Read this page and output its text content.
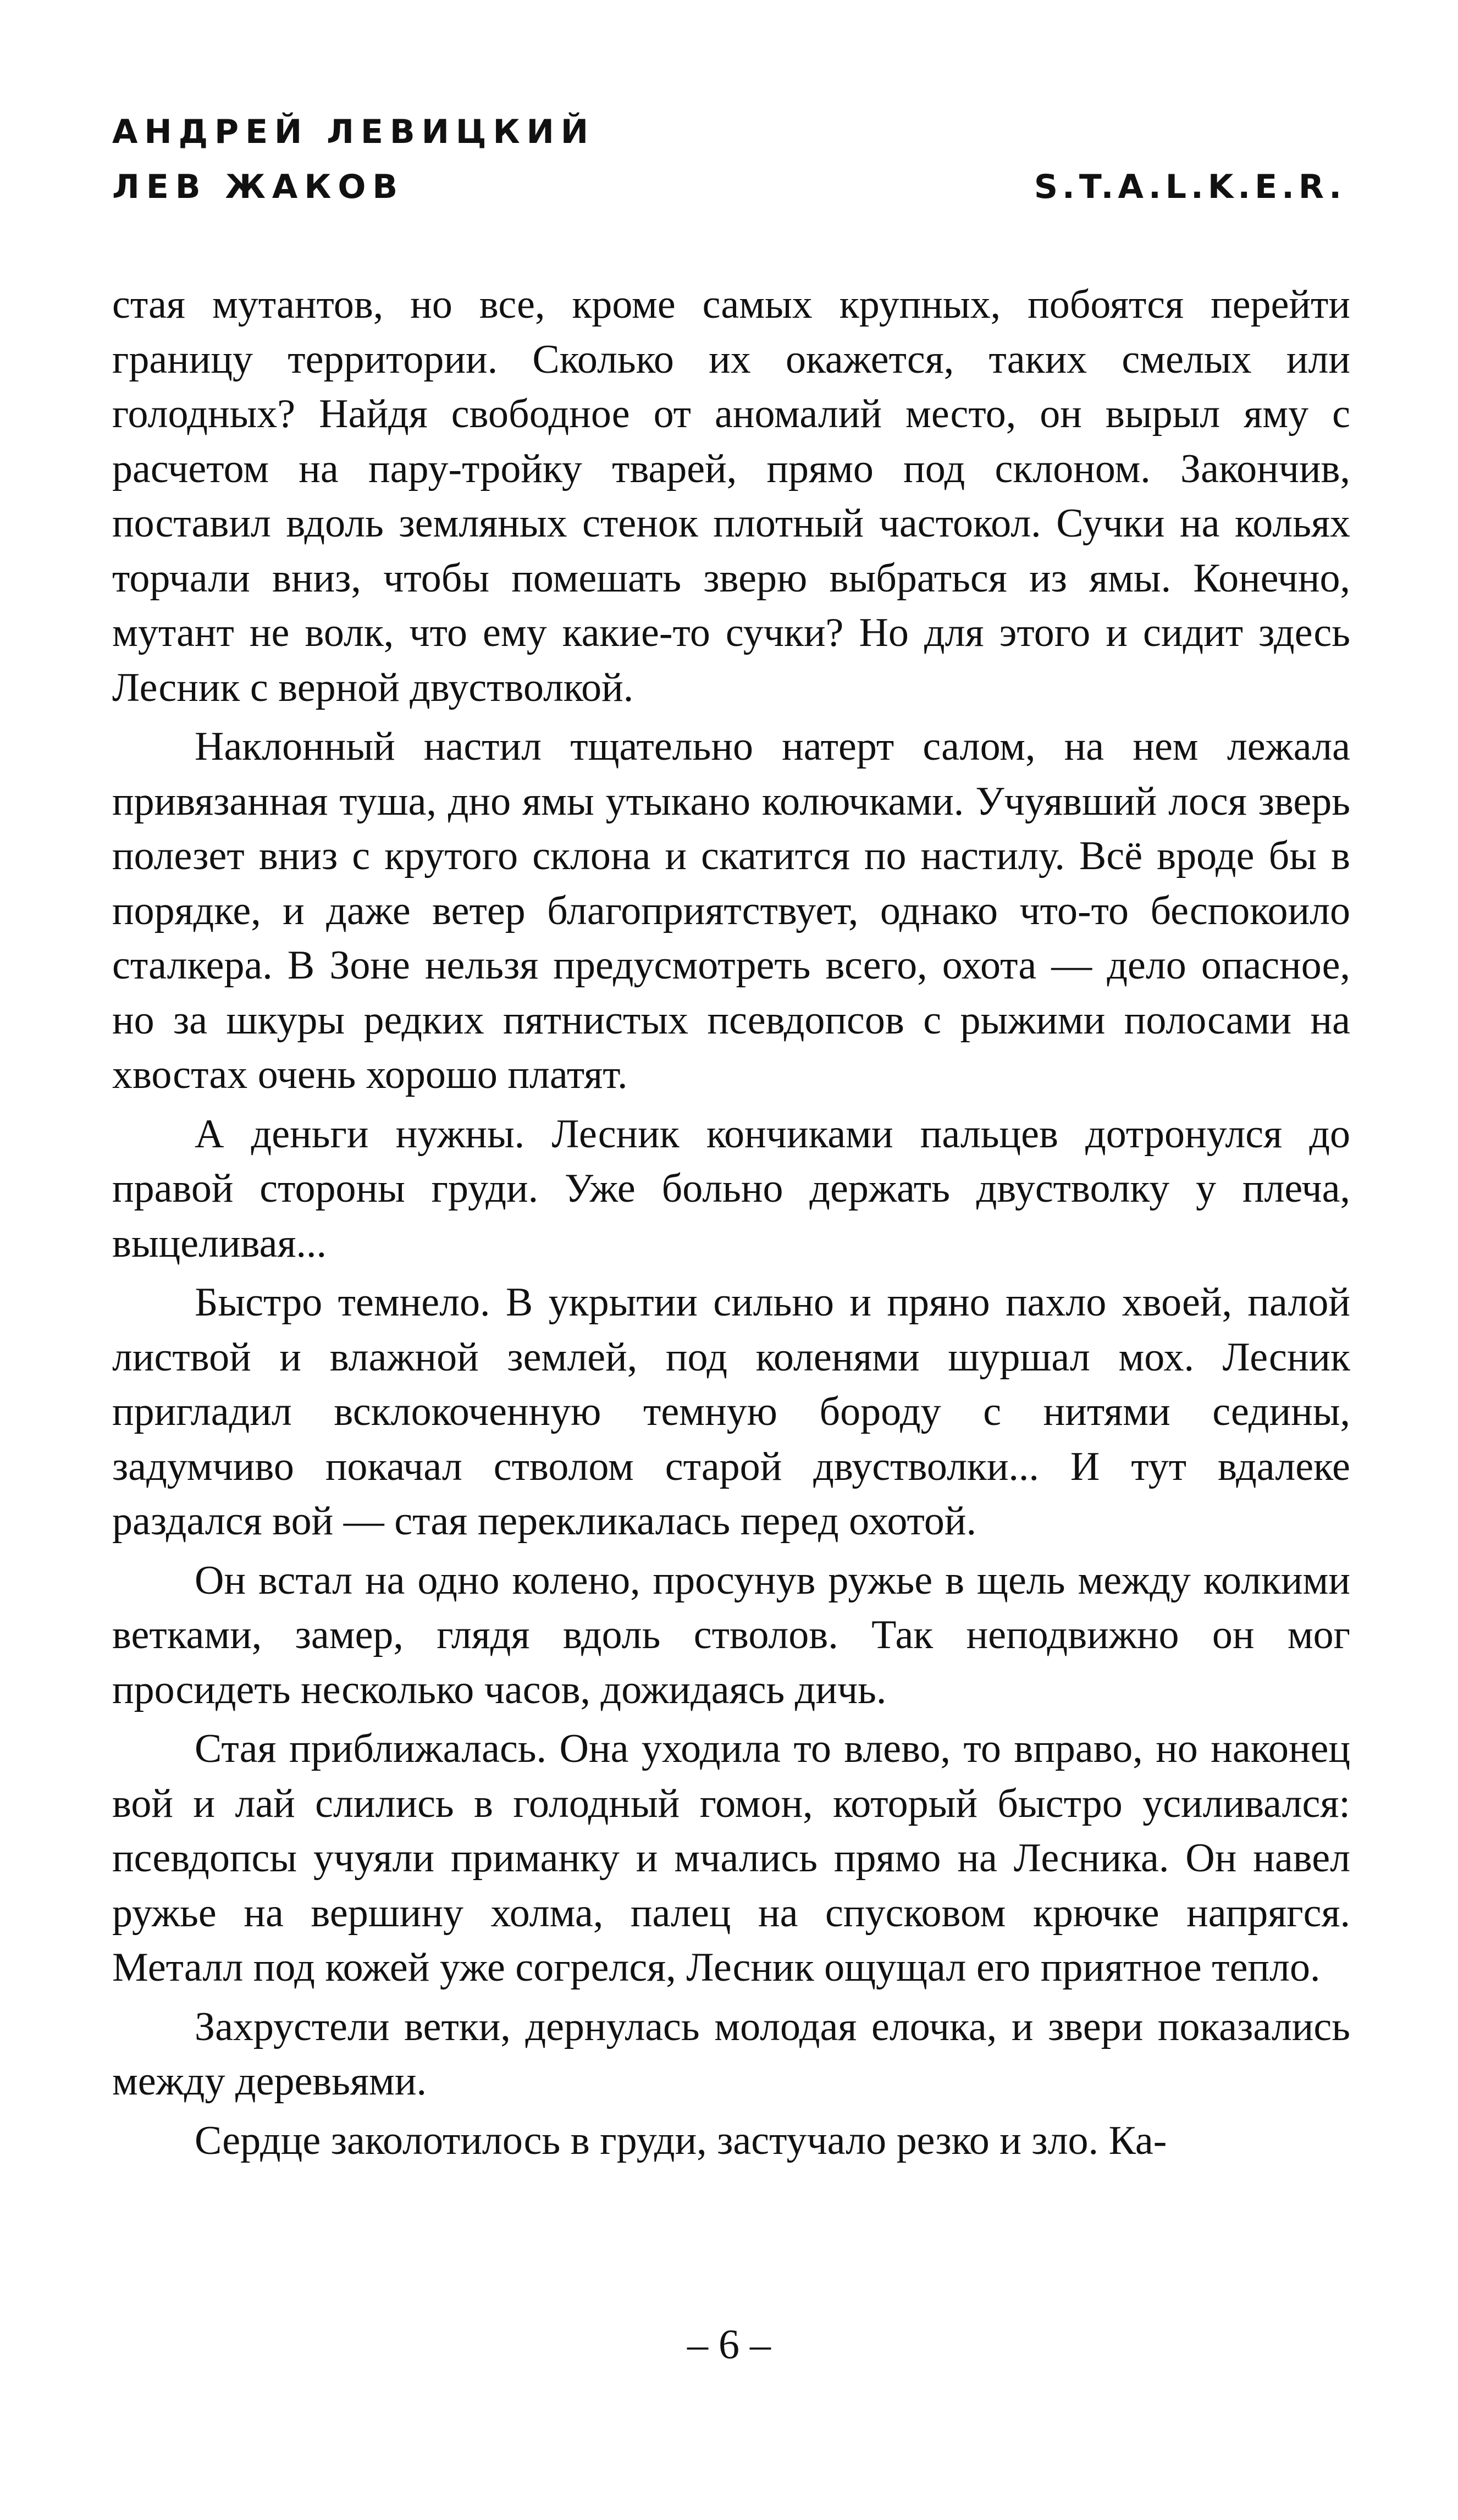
АНДРЕЙ ЛЕВИЦКИЙ
ЛЕВ ЖАКОВ	S.T.A.L.K.E.R.

стая мутантов, но все, кроме самых крупных, побоятся перейти границу территории. Сколько их окажется, таких смелых или голодных? Найдя свободное от аномалий место, он вырыл яму с расчетом на пару-тройку тварей, прямо под склоном. Закончив, поставил вдоль земляных стенок плотный частокол. Сучки на кольях торчали вниз, чтобы помешать зверю выбраться из ямы. Конечно, мутант не волк, что ему какие-то сучки? Но для этого и сидит здесь Лесник с верной двустволкой.

Наклонный настил тщательно натерт салом, на нем лежала привязанная туша, дно ямы утыкано колючками. Учуявший лося зверь полезет вниз с крутого склона и скатится по настилу. Всё вроде бы в порядке, и даже ветер благоприятствует, однако что-то беспокоило сталкера. В Зоне нельзя предусмотреть всего, охота — дело опасное, но за шкуры редких пятнистых псевдопсов с рыжими полосами на хвостах очень хорошо платят.

А деньги нужны. Лесник кончиками пальцев дотронулся до правой стороны груди. Уже больно держать двустволку у плеча, выцеливая...

Быстро темнело. В укрытии сильно и пряно пахло хвоей, палой листвой и влажной землей, под коленями шуршал мох. Лесник пригладил всклокоченную темную бороду с нитями седины, задумчиво покачал стволом старой двустволки... И тут вдалеке раздался вой — стая перекликалась перед охотой.

Он встал на одно колено, просунув ружье в щель между колкими ветками, замер, глядя вдоль стволов. Так неподвижно он мог просидеть несколько часов, дожидаясь дичь.

Стая приближалась. Она уходила то влево, то вправо, но наконец вой и лай слились в голодный гомон, который быстро усиливался: псевдопсы учуяли приманку и мчались прямо на Лесника. Он навел ружье на вершину холма, палец на спусковом крючке напрягся. Металл под кожей уже согрелся, Лесник ощущал его приятное тепло.

Захрустели ветки, дернулась молодая елочка, и звери показались между деревьями.

Сердце заколотилось в груди, застучало резко и зло. Ка-

– 6 –
